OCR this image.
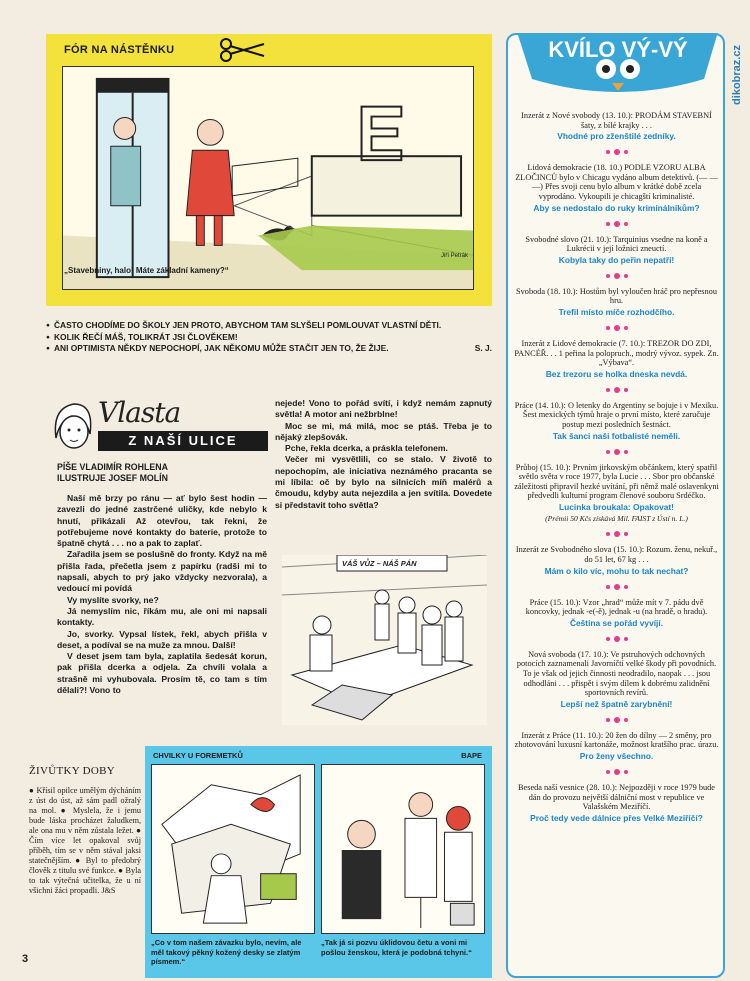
FÓR NA NÁSTĚNKU
Jiří Petrák
„Stavebniny, halo! Máte základní kameny?“

● ČASTO CHODÍME DO ŠKOLY JEN PROTO, ABYCHOM TAM SLYŠELI POMLOUVAT VLASTNÍ DĚTI.

● KOLIK ŘEČÍ MÁŠ, TOLIKRÁT JSI ČLOVĚKEM!

● ANI OPTIMISTA NĚKDY NEPOCHOPÍ, JAK NĚKOMU MŮŽE STAČIT JEN TO, ŽE ŽIJE.	S. J.
Vlasta
Z NAŠÍ ULICE
PÍŠE VLADIMÍR ROHLENA
ILUSTRUJE JOSEF MOLÍN

Naší mě brzy po ránu — ať bylo šest hodin — zavezli do jedné zastrčené uličky, kde nebylo k hnutí, přikázali Až otevřou, tak řekni, že potřebujeme nové kontakty do baterie, protože to špatně chytá . . . no a pak to zaplať.

Zařadila jsem se poslušně do fronty. Když na mě přišla řada, přečetla jsem z papírku (radši mi to napsali, abych to prý jako vždycky nezvorala), a vedoucí mi povídá

Vy myslíte svorky, ne?

Já nemyslím nic, říkám mu, ale oni mi napsali kontakty.

Jo, svorky. Vypsal lístek, řekl, abych přišla v deset, a podíval se na muže za mnou. Další!

V deset jsem tam byla, zaplatila šedesát korun, pak přišla dcerka a odjela. Za chvíli volala a strašně mi vyhubovala. Prosím tě, co tam s tím dělali?! Vono to

nejede! Vono to pořád svítí, i když nemám zapnutý světla! A motor ani nežbrblne!

Moc se mi, má milá, moc se ptáš. Třeba je to nějaký zlepšovák.

Pche, řekla dcerka, a práskla telefonem.

Večer mi vysvětlili, co se stalo. V životě to nepochopím, ale iniciativa neznámého pracanta se mi líbila: oč by bylo na silnicích míň malérů a čmoudu, kdyby auta nejezdila a jen svítila. Dovedete si představit toho světla?

VÁŠ VŮZ – NÁŠ PÁN
ŽIVŮTKY DOBY
● Křísil opilce umělým dýcháním z úst do úst, až sám padl ožralý na mol. ● Myslela, že i jemu bude láska procházet žaludkem, ale ona mu v něm zůstala ležet. ● Čím více let opakoval svůj příběh, tím se v něm stával jaksi statečnějším. ● Byl to předobrý člověk z titulu své funkce. ● Byla to tak výtečná učitelka, že u ní všichni žáci propadli. J&S
3
CHVILKY U FOREMETKŮ	BAPE
„Co v tom našem závazku bylo, nevím, ale měl takový pěkný kožený desky se zlatým písmem.“
„Tak já si pozvu úklidovou četu a voni mi pošlou ženskou, která je podobná tchyni.“
KVÍLO VÝ-VÝ
Inzerát z Nové svobody (13. 10.): PRODÁM STAVEBNÍ šaty, z bílé krajky . . .
Vhodné pro zženštilé zedníky.
Lidová demokracie (18. 10.) PODLE VZORU ALBA ZLOČINCŮ bylo v Chicagu vydáno album detektivů. (— — —) Přes svoji cenu bylo album v krátké době zcela vyprodáno. Vykoupili je chicagští kriminalisté.
Aby se nedostalo do ruky kriminálníkům?
Svobodné slovo (21. 10.): Tarquinius vsedne na koně a Lukrécii v její ložnici zneuctí.
Kobyla taky do peřin nepatří!
Svoboda (18. 10.): Hostům byl vyloučen hráč pro nepřesnou hru.
Trefil místo míče rozhodčího.
Inzerát z Lidové demokracie (7. 10.): TREZOR DO ZDI, PANCÉŘ. . . 1 peřina la polopruch., modrý vývoz. sypek. Zn. „Výbava“.
Bez trezoru se holka dneska nevdá.
Práce (14. 10.): O letenky do Argentiny se bojuje i v Mexiku. Šest mexických týmů hraje o první místo, které zaručuje postup mezi posledních šestnáct.
Tak šanci naši fotbalisté neměli.
Průboj (15. 10.): Prvním jirkovským občánkem, který spatřil světlo světa v roce 1977, byla Lucie . . . Sbor pro občanské záležitosti připravil hezké uvítání, při němž malé oslavenkyni předvedli kulturní program členové souboru Srdéčko.
Lucinka broukala: Opakovat!
(Prémii 50 Kčs získává Mil. FAIST z Ústí n. L.)
Inzerát ze Svobodného slova (15. 10.): Rozum. ženu, nekuř., do 51 let, 67 kg . . .
Mám o kilo víc, mohu to tak nechat?
Práce (15. 10.): Vzor „hrad“ může mít v 7. pádu dvě koncovky, jednak -e(-ě), jednak -u (na hradě, o hradu).
Čeština se pořád vyvíjí.
Nová svoboda (17. 10.): Ve pstruhových odchovných potocích zaznamenali Javorníčtí velké škody při povodních. To je však od jejich činnosti neodradilo, naopak . . . jsou odhodláni . . . přispět i svým dílem k dobrému zalidnění sportovních revírů.
Lepší než špatně zarybnění!
Inzerát z Práce (11. 10.): 20 žen do dílny — 2 směny, pro zhotovování luxusní kartonáže, možnost kratšího prac. úrazu.
Pro ženy všechno.
Beseda naší vesnice (28. 10.): Nejpozději v roce 1979 bude dán do provozu největší dálniční most v republice ve Valašském Meziříčí.
Proč tedy vede dálnice přes Velké Meziříčí?
dikobraz.cz
